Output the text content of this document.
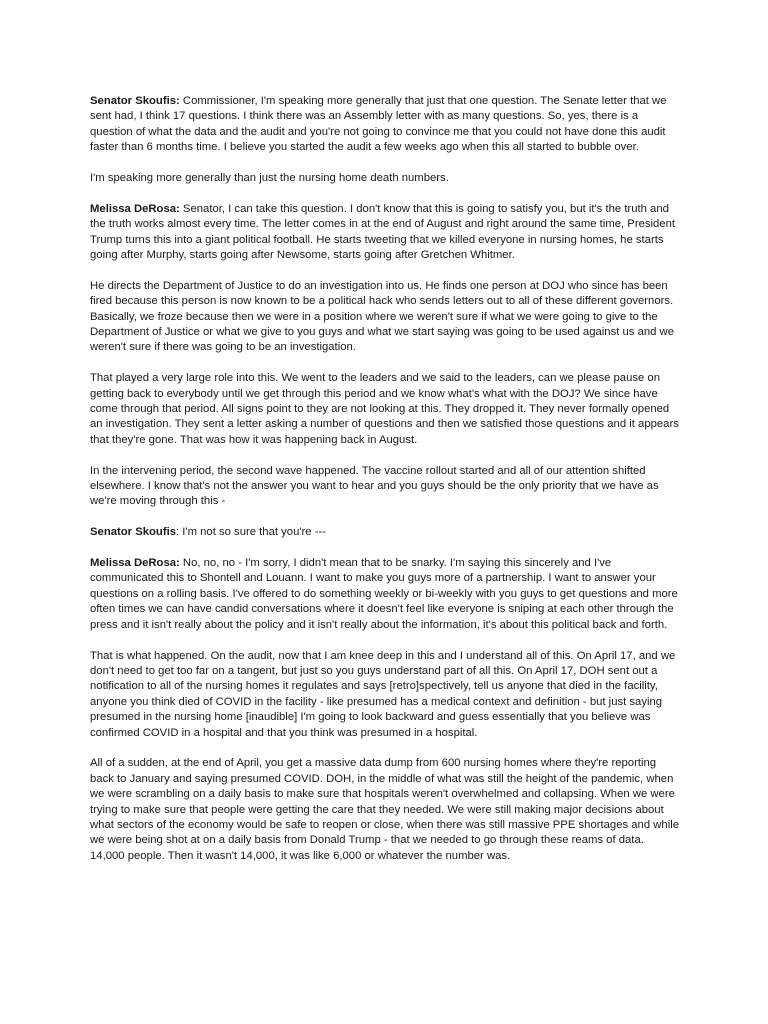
Senator Skoufis: Commissioner, I'm speaking more generally that just that one question. The Senate letter that we sent had, I think 17 questions. I think there was an Assembly letter with as many questions. So, yes, there is a question of what the data and the audit and you're not going to convince me that you could not have done this audit faster than 6 months time. I believe you started the audit a few weeks ago when this all started to bubble over.

I'm speaking more generally than just the nursing home death numbers.

Melissa DeRosa: Senator, I can take this question. I don't know that this is going to satisfy you, but it's the truth and the truth works almost every time. The letter comes in at the end of August and right around the same time, President Trump turns this into a giant political football. He starts tweeting that we killed everyone in nursing homes, he starts going after Murphy, starts going after Newsome, starts going after Gretchen Whitmer.

He directs the Department of Justice to do an investigation into us. He finds one person at DOJ who since has been fired because this person is now known to be a political hack who sends letters out to all of these different governors. Basically, we froze because then we were in a position where we weren't sure if what we were going to give to the Department of Justice or what we give to you guys and what we start saying was going to be used against us and we weren't sure if there was going to be an investigation.

That played a very large role into this. We went to the leaders and we said to the leaders, can we please pause on getting back to everybody until we get through this period and we know what's what with the DOJ? We since have come through that period. All signs point to they are not looking at this. They dropped it. They never formally opened an investigation. They sent a letter asking a number of questions and then we satisfied those questions and it appears that they're gone. That was how it was happening back in August.

In the intervening period, the second wave happened. The vaccine rollout started and all of our attention shifted elsewhere. I know that's not the answer you want to hear and you guys should be the only priority that we have as we're moving through this -

Senator Skoufis: I'm not so sure that you're ---

Melissa DeRosa: No, no, no - I'm sorry, I didn't mean that to be snarky. I'm saying this sincerely and I've communicated this to Shontell and Louann. I want to make you guys more of a partnership. I want to answer your questions on a rolling basis. I've offered to do something weekly or bi-weekly with you guys to get questions and more often times we can have candid conversations where it doesn't feel like everyone is sniping at each other through the press and it isn't really about the policy and it isn't really about the information, it's about this political back and forth.

That is what happened. On the audit, now that I am knee deep in this and I understand all of this. On April 17, and we don't need to get too far on a tangent, but just so you guys understand part of all this. On April 17, DOH sent out a notification to all of the nursing homes it regulates and says [retro]spectively, tell us anyone that died in the facility, anyone you think died of COVID in the facility - like presumed has a medical context and definition - but just saying presumed in the nursing home [inaudible] I'm going to look backward and guess essentially that you believe was confirmed COVID in a hospital and that you think was presumed in a hospital.

All of a sudden, at the end of April, you get a massive data dump from 600 nursing homes where they're reporting back to January and saying presumed COVID. DOH, in the middle of what was still the height of the pandemic, when we were scrambling on a daily basis to make sure that hospitals weren't overwhelmed and collapsing. When we were trying to make sure that people were getting the care that they needed. We were still making major decisions about what sectors of the economy would be safe to reopen or close, when there was still massive PPE shortages and while we were being shot at on a daily basis from Donald Trump - that we needed to go through these reams of data. 14,000 people. Then it wasn't 14,000, it was like 6,000 or whatever the number was.
